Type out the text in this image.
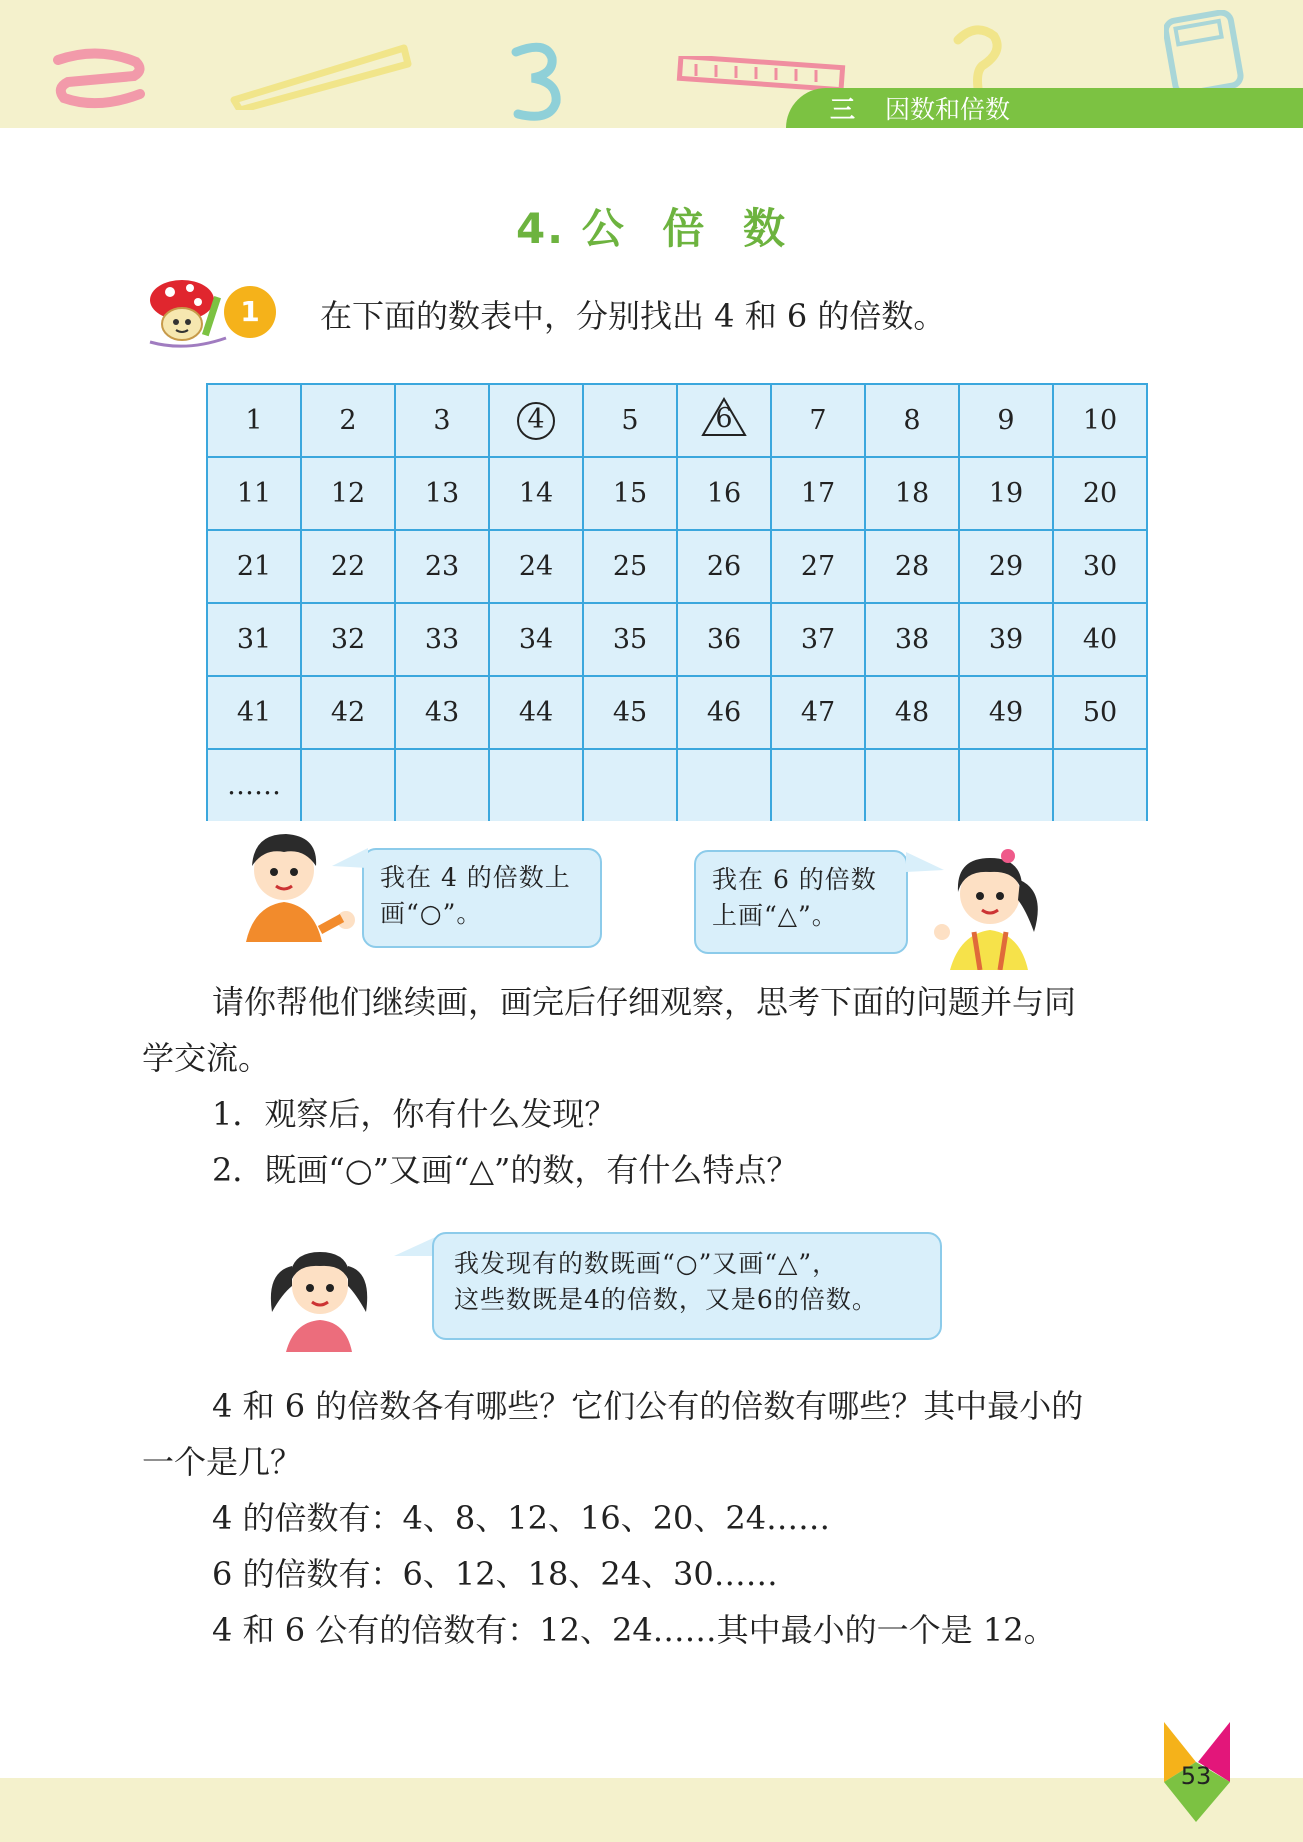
三 因数和倍数
4. 公 倍 数
1	在下面的数表中，分别找出 4 和 6 的倍数。
1	2	3	4	5	6	7	8	9	10
11	12	13	14	15	16	17	18	19	20
21	22	23	24	25	26	27	28	29	30
31	32	33	34	35	36	37	38	39	40
41	42	43	44	45	46	47	48	49	50
……									
我在 4 的倍数上
画“○”。
我在 6 的倍数
上画“△”。
请你帮他们继续画，画完后仔细观察，思考下面的问题并与同
学交流。
1．观察后，你有什么发现？
2．既画“○”又画“△”的数，有什么特点？
我发现有的数既画“○”又画“△”，
这些数既是4的倍数，又是6的倍数。
4 和 6 的倍数各有哪些？它们公有的倍数有哪些？其中最小的
一个是几？
4 的倍数有：4、8、12、16、20、24……
6 的倍数有：6、12、18、24、30……
4 和 6 公有的倍数有：12、24……其中最小的一个是 12。
53
